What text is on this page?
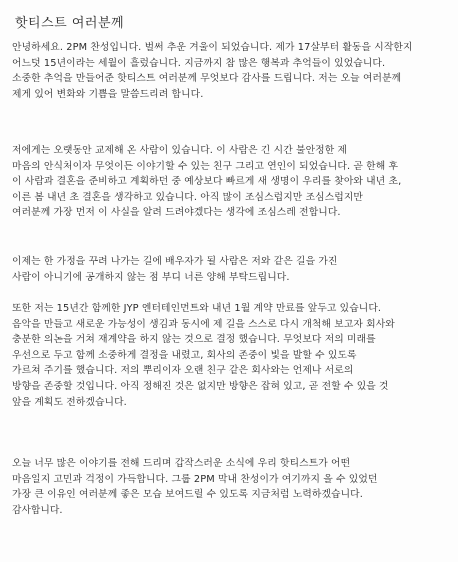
핫티스트 여러분께
안녕하세요. 2PM 찬성입니다. 벌써 추운 겨울이 되었습니다. 제가 17살부터 활동을 시작한지
어느덧 15년이라는 세월이 흘렀습니다. 지금까지 참 많은 행복과 추억들이 있었습니다.
소중한 추억을 만들어준 핫티스트 여러분께 무엇보다 감사를 드립니다. 저는 오늘 여러분께
제게 있어 변화와 기쁨을 말씀드리려 합니다.
저에게는 오랫동안 교제해 온 사람이 있습니다. 이 사람은 긴 시간 불안정한 제
마음의 안식처이자 무엇이든 이야기할 수 있는 친구 그리고 연인이 되었습니다. 곧 한해 후
이 사람과 결혼을 준비하고 계획하던 중 예상보다 빠르게 새 생명이 우리를 찾아와 내년 초,
이른 봄 내년 초 결혼을 생각하고 있습니다. 아직 많이 조심스럽지만 조심스럽지만
여러분께 가장 먼저 이 사실을 알려 드려야겠다는 생각에 조심스레 전합니다.
이제는 한 가정을 꾸려 나가는 길에 배우자가 될 사람은 저와 같은 길을 가진
사람이 아니기에 공개하지 않는 점 부디 너른 양해 부탁드립니다.
또한 저는 15년간 함께한 JYP 엔터테인먼트와 내년 1월 계약 만료를 앞두고 있습니다.
음악을 만들고 새로운 가능성이 생김과 동시에 제 길을 스스로 다시 개척해 보고자 회사와
충분한 의논을 거쳐 재계약을 하지 않는 것으로 결정 했습니다. 무엇보다 저의 미래를
우선으로 두고 함께 소중하게 결정을 내렸고, 회사의 존중이 빛을 발할 수 있도록
가르쳐 주기를 했습니다. 저의 뿌리이자 오랜 친구 같은 회사와는 언제나 서로의
방향을 존중할 것입니다. 아직 정해진 것은 없지만 방향은 잡혀 있고, 곧 전할 수 있을 것
앞을 계획도 전하겠습니다.
오늘 너무 많은 이야기를 전해 드리며 갑작스러운 소식에 우리 핫티스트가 어떤
마음일지 고민과 걱정이 가득합니다. 그룹 2PM 막내 찬성이가 여기까지 올 수 있었던
가장 큰 이유인 여러분께 좋은 모습 보여드릴 수 있도록 지금처럼 노력하겠습니다.
감사합니다.
